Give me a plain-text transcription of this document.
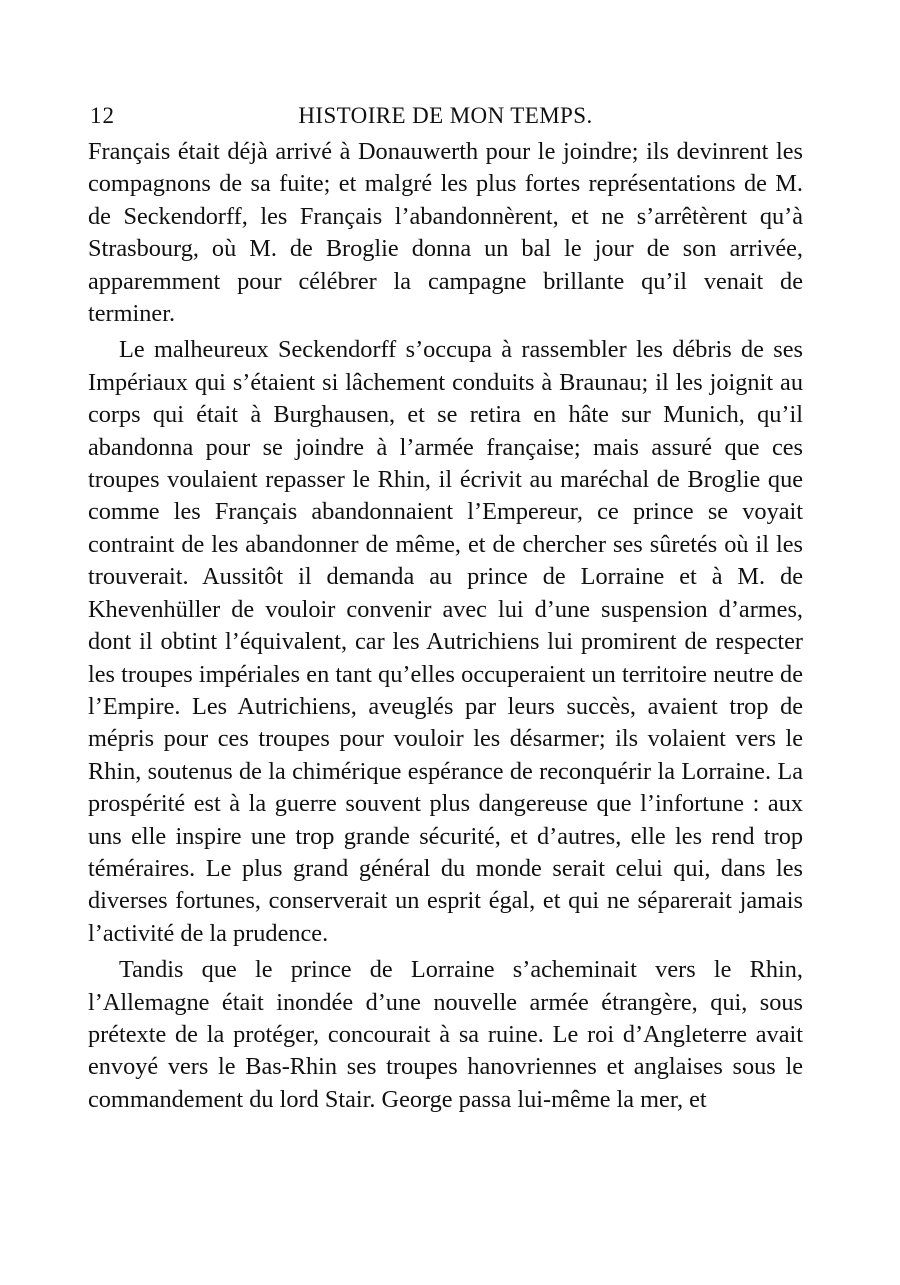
12	HISTOIRE DE MON TEMPS.

Français était déjà arrivé à Donauwerth pour le joindre; ils devinrent les compagnons de sa fuite; et malgré les plus fortes représentations de M. de Seckendorff, les Français l’abandonnèrent, et ne s’arrêtèrent qu’à Strasbourg, où M. de Broglie donna un bal le jour de son arrivée, apparemment pour célébrer la campagne brillante qu’il venait de terminer.

Le malheureux Seckendorff s’occupa à rassembler les débris de ses Impériaux qui s’étaient si lâchement conduits à Braunau; il les joignit au corps qui était à Burghausen, et se retira en hâte sur Munich, qu’il abandonna pour se joindre à l’armée française; mais assuré que ces troupes voulaient repasser le Rhin, il écrivit au maréchal de Broglie que comme les Français abandonnaient l’Empereur, ce prince se voyait contraint de les abandonner de même, et de chercher ses sûretés où il les trouverait. Aussitôt il demanda au prince de Lorraine et à M. de Khevenhüller de vouloir convenir avec lui d’une suspension d’armes, dont il obtint l’équivalent, car les Autrichiens lui promirent de respecter les troupes impériales en tant qu’elles occuperaient un territoire neutre de l’Empire. Les Autrichiens, aveuglés par leurs succès, avaient trop de mépris pour ces troupes pour vouloir les désarmer; ils volaient vers le Rhin, soutenus de la chimérique espérance de reconquérir la Lorraine. La prospérité est à la guerre souvent plus dangereuse que l’infortune : aux uns elle inspire une trop grande sécurité, et d’autres, elle les rend trop téméraires. Le plus grand général du monde serait celui qui, dans les diverses fortunes, conserverait un esprit égal, et qui ne séparerait jamais l’activité de la prudence.

Tandis que le prince de Lorraine s’acheminait vers le Rhin, l’Allemagne était inondée d’une nouvelle armée étrangère, qui, sous prétexte de la protéger, concourait à sa ruine. Le roi d’Angleterre avait envoyé vers le Bas-Rhin ses troupes hanovriennes et anglaises sous le commandement du lord Stair. George passa lui-même la mer, et
